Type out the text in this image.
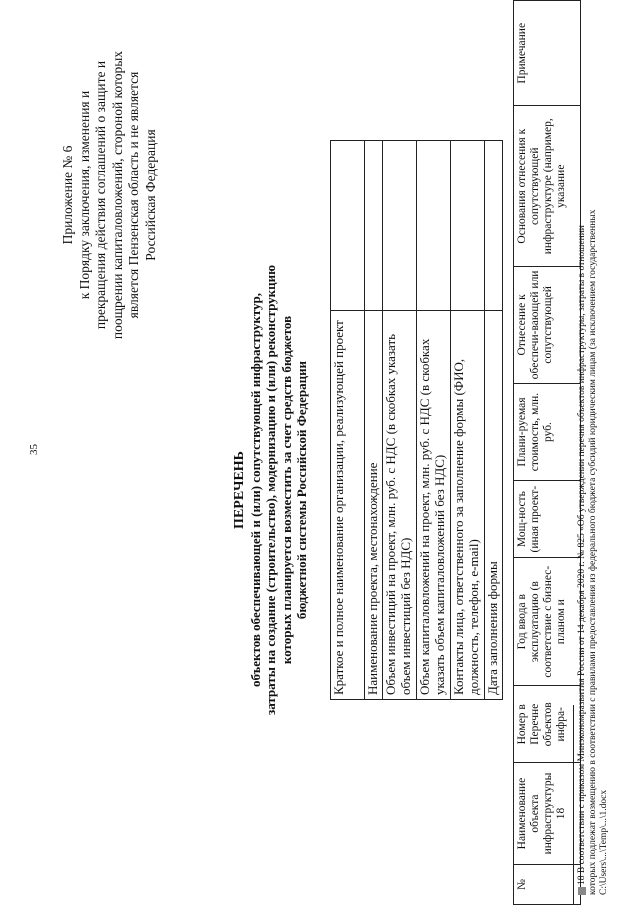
35
Приложение № 6 к Порядку заключения, изменения и прекращения действия соглашений о защите и поощрении капиталовложений, стороной которых является Пензенская область и не является Российская Федерация
ПЕРЕЧЕНЬ объектов обеспечивающей и (или) сопутствующей инфраструктур, затраты на создание (строительство), модернизацию и (или) реконструкцию которых планируется возместить за счет средств бюджетов бюджетной системы Российской Федерации Краткое и полное наименование организации, реализующей проект	
Наименование проекта, местонахождение	
Объем инвестиций на проект, млн. руб. с НДС (в скобках указать объем инвестиций без НДС)	
Объем капиталовложений на проект, млн. руб. с НДС (в скобках указать объем капиталовложений без НДС)	
Контакты лица, ответственного за заполнение формы (ФИО, должность, телефон, e-mail)	
Дата заполнения формы	
№	Наименование объекта инфраструктуры 18	Номер в Перечне объектов инфра-	Год ввода в эксплуатацию (в соответствие с бизнес-планом и	Мощ-ность (иная проект-	Плани-руемая стоимость, млн. руб.	Отнесение к обеспечи-вающей или сопутствующей	Основания отнесения к сопутствующей инфраструктуре (например, указание	Примечание
18 В соответствии с приказом Минэкономразвития России от 14 декабря 2020 г. № 825 «Об утверждении перечня объектов инфраструктуры, затраты в отношении которых подлежат возмещению в соответствии с правилами предоставления из федерального бюджета субсидий юридическим лицам (за исключением государственных C:\Users\...\Temp\...\1.docx
